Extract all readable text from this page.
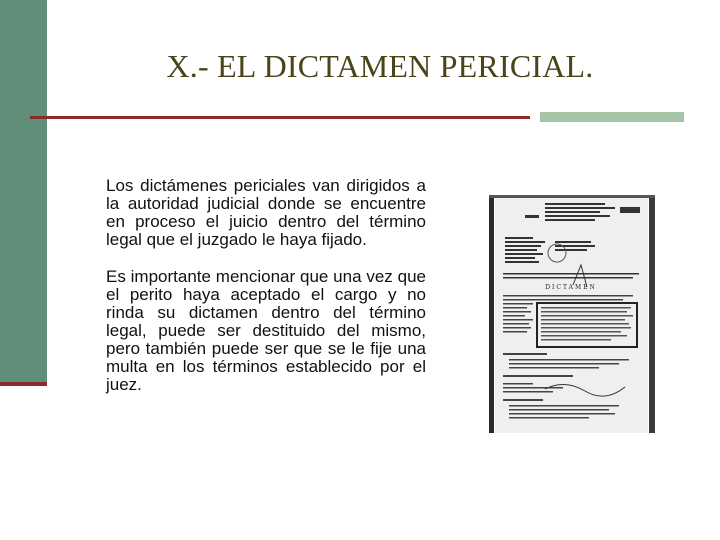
X.- EL DICTAMEN PERICIAL.

Los dictámenes periciales van dirigidos a la autoridad judicial donde se encuentre en proceso el juicio dentro del término legal que el juzgado le haya fijado.

Es importante mencionar que una vez que el perito haya aceptado el cargo y no rinda su dictamen dentro del término legal, puede ser destituido del mismo, pero también puede ser que se le fije una multa en los términos establecido por el juez.

DICTAMEN
